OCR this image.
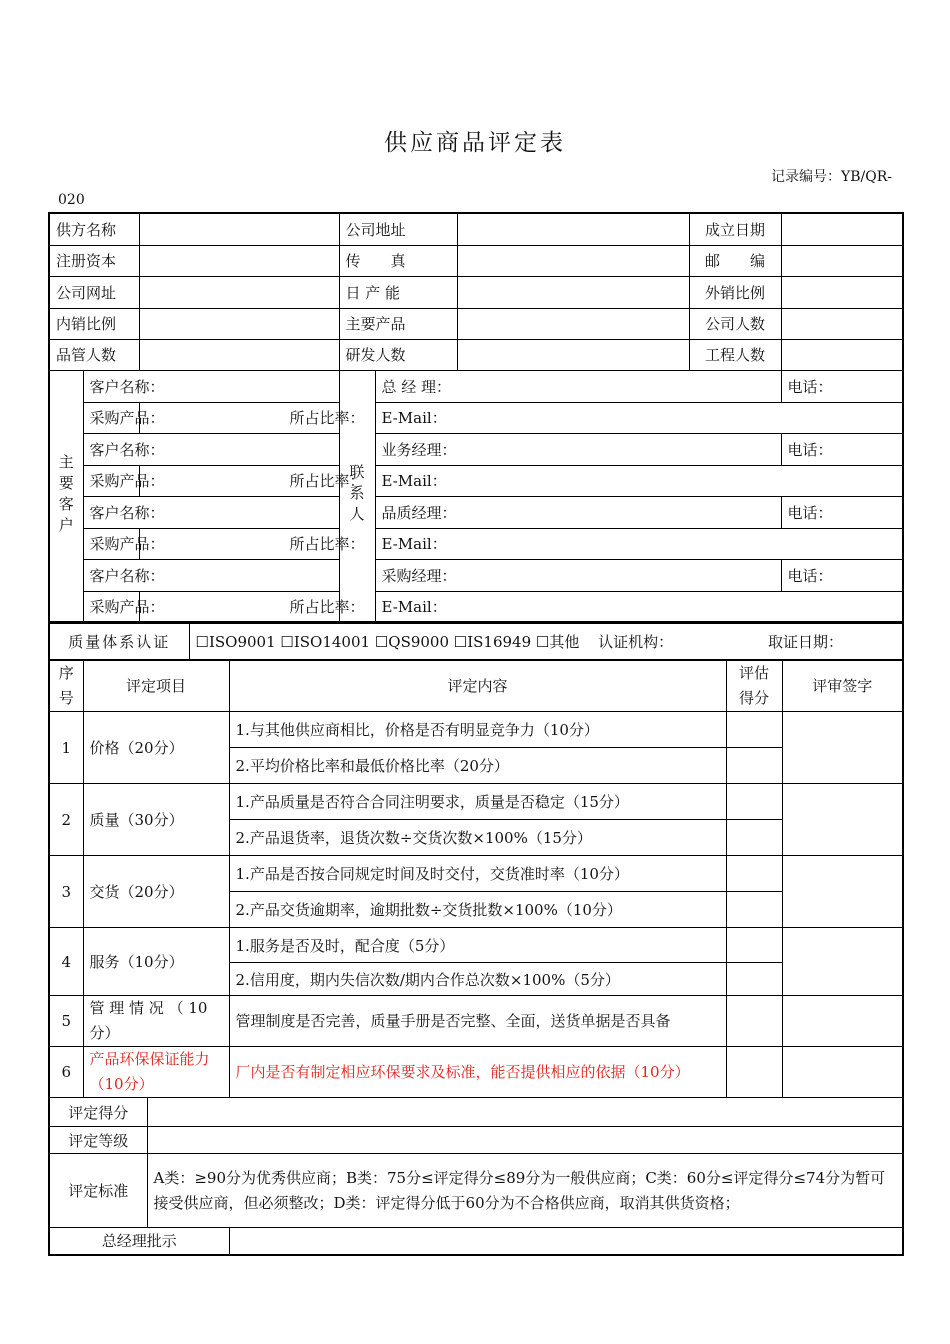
供应商品评定表
记录编号：YB/QR-
020
供方名称			公司地址			成立日期	
注册资本			传　　真			邮　　编	
公司网址			日 产 能			外销比例	
内销比例			主要产品			公司人数	
品管人数			研发人数			工程人数	
主要客户	客户名称：		联系人	总 经 理：			电话：
	采购产品：	所占比率：		E-Mail：			
	客户名称：			业务经理：			电话：
	采购产品：	所占比率：		E-Mail：			
	客户名称：			品质经理：			电话：
	采购产品：	所占比率：		E-Mail：			
	客户名称：			采购经理：			电话：
	采购产品：	所占比率：		E-Mail：			
质量体系认证	☐ISO9001 ☐ISO14001 ☐QS9000 ☐IS16949 ☐其他 认证机构：	取证日期：
序号	评定项目		评定内容	评估得分	评审签字
1	价格（20分）		1.与其他供应商相比，价格是否有明显竞争力（10分）		
			2.平均价格比率和最低价格比率（20分）		
2	质量（30分）		1.产品质量是否符合合同注明要求，质量是否稳定（15分）		
			2.产品退货率，退货次数÷交货次数×100%（15分）		
3	交货（20分）		1.产品是否按合同规定时间及时交付，交货准时率（10分）		
			2.产品交货逾期率，逾期批数÷交货批数×100%（10分）		
4	服务（10分）		1.服务是否及时，配合度（5分）		
			2.信用度，期内失信次数/期内合作总次数×100%（5分）		
5	管 理 情 况 （ 10 分）		管理制度是否完善，质量手册是否完整、全面，送货单据是否具备		
6	产品环保保证能力（10分）		厂内是否有制定相应环保要求及标准，能否提供相应的依据（10分）		
评定得分					
评定等级					
评定标准		A类：≥90分为优秀供应商；B类：75分≤评定得分≤89分为一般供应商；C类：60分≤评定得分≤74分为暂可接受供应商，但必须整改；D类：评定得分低于60分为不合格供应商，取消其供货资格；			
总经理批示					
